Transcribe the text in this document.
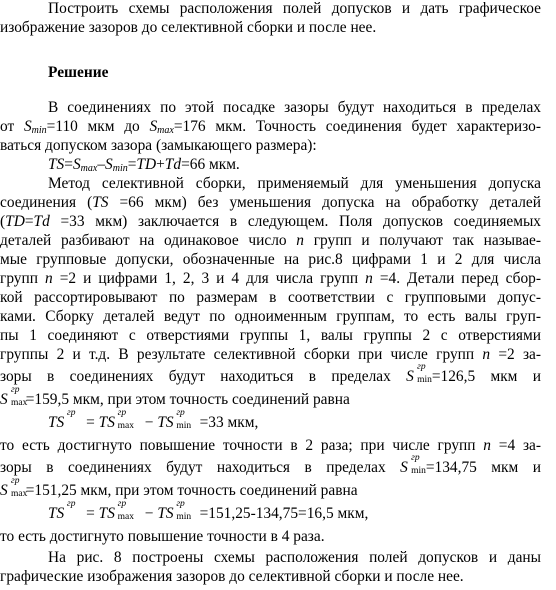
Построить схемы расположения полей допусков и дать графическое
изображение зазоров до селективной сборки и после нее.
Решение
В соединениях по этой посадке зазоры будут находиться в пределах
от $S_{min}=110$ мкм до $S_{max}=176$ мкм. Точность соединения будет характеризо-
ваться допуском зазора (замыкающего размера):
$TS=S_{max}-S_{min}=TD+Td=66$ мкм.
Метод селективной сборки, применяемый для уменьшения допуска
соединения (TS =66 мкм) без уменьшения допуска на обработку деталей
(TD=Td =33 мкм) заключается в следующем. Поля допусков соединяемых
деталей разбивают на одинаковое число n групп и получают так называе-
мые групповые допуски, обозначенные на рис.8 цифрами 1 и 2 для числа
групп n =2 и цифрами 1, 2, 3 и 4 для числа групп n =4. Детали перед сбор-
кой рассортировывают по размерам в соответствии с групповыми допус-
ками. Сборку деталей ведут по одноименным группам, то есть валы груп-
пы 1 соединяют с отверстиями группы 1, валы группы 2 с отверстиями
группы 2 и т.д. В результате селективной сборки при числе групп n =2 за-
зоры в соединениях будут находиться в пределах S
гр
min =126,5 мкм и
S
гр
max
=159,5 мкм, при этом точность соединений равна
TS
гр
= TS
гр
max − TS
гр
min =33 мкм,
то есть достигнуто повышение точности в 2 раза; при числе групп n =4 за-
зоры в соединениях будут находиться в пределах S
гр
min =134,75 мкм и
S
гр
max
=151,25 мкм, при этом точность соединений равна
TS
гр
= TS
гр
max − TS
гр
min =151,25-134,75=16,5 мкм,
то есть достигнуто повышение точности в 4 раза.
На рис. 8 построены схемы расположения полей допусков и даны
графические изображения зазоров до селективной сборки и после нее.
